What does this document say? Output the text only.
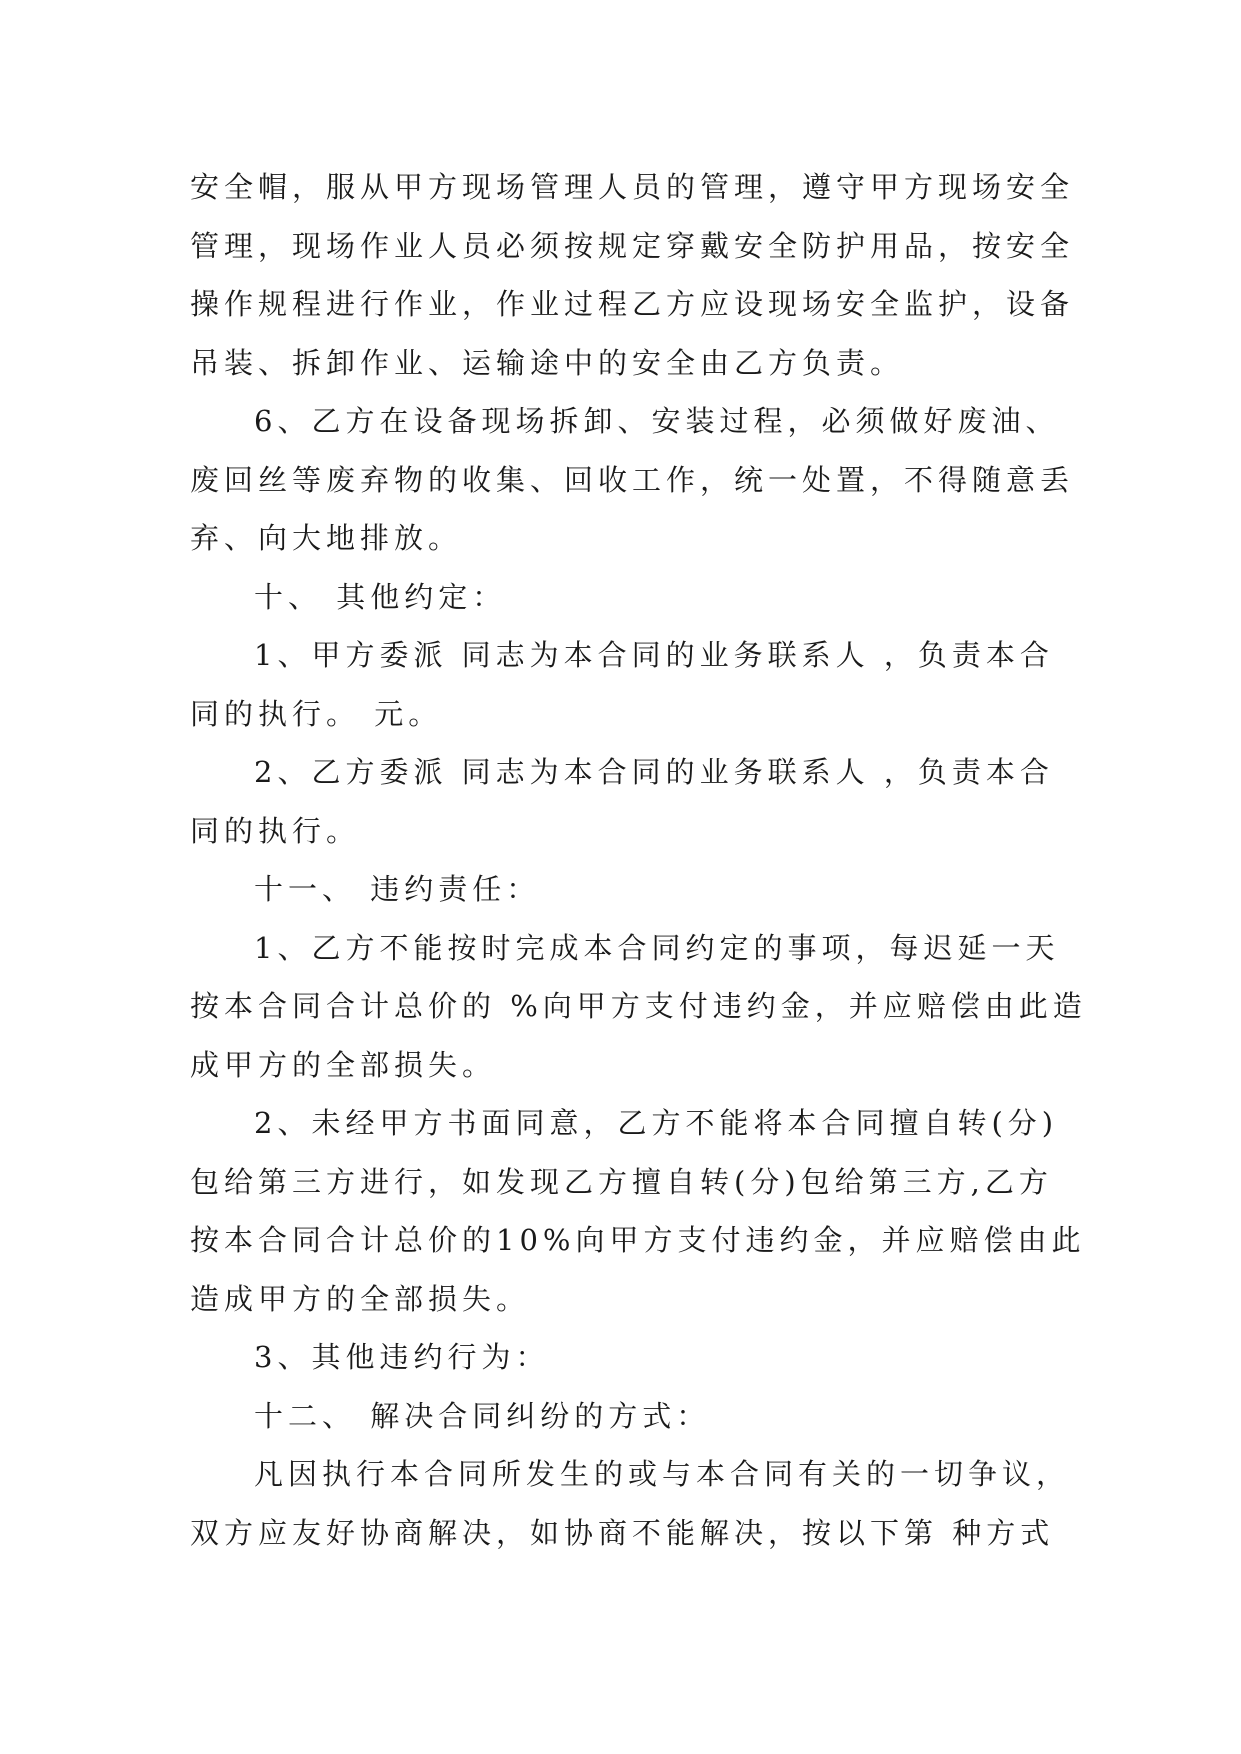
安全帽，服从甲方现场管理人员的管理，遵守甲方现场安全
管理，现场作业人员必须按规定穿戴安全防护用品，按安全
操作规程进行作业，作业过程乙方应设现场安全监护，设备
吊装、拆卸作业、运输途中的安全由乙方负责。
6、乙方在设备现场拆卸、安装过程，必须做好废油、
废回丝等废弃物的收集、回收工作，统一处置，不得随意丢
弃、向大地排放。
十、 其他约定：
1、甲方委派 同志为本合同的业务联系人 ，负责本合
同的执行。 元。
2、乙方委派 同志为本合同的业务联系人 ，负责本合
同的执行。
十一、 违约责任：
1、乙方不能按时完成本合同约定的事项，每迟延一天
按本合同合计总价的 %向甲方支付违约金，并应赔偿由此造
成甲方的全部损失。
2、未经甲方书面同意，乙方不能将本合同擅自转(分)
包给第三方进行，如发现乙方擅自转(分)包给第三方,乙方
按本合同合计总价的10%向甲方支付违约金，并应赔偿由此
造成甲方的全部损失。
3、其他违约行为：
十二、 解决合同纠纷的方式：
凡因执行本合同所发生的或与本合同有关的一切争议，
双方应友好协商解决，如协商不能解决，按以下第 种方式
